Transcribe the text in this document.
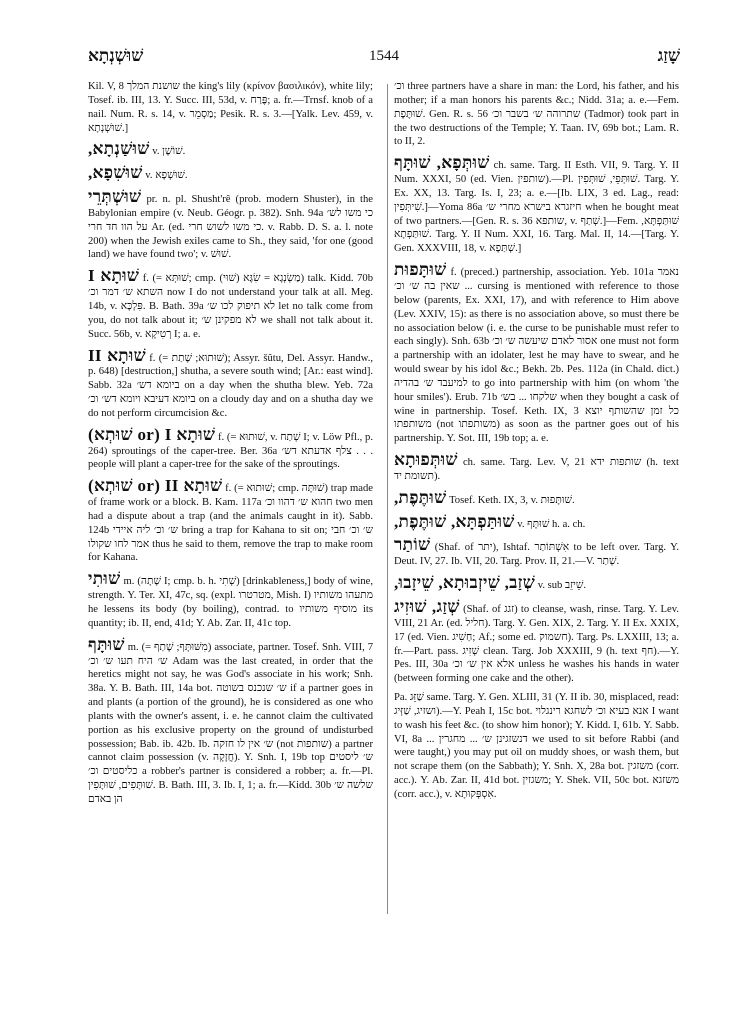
שׁוּשְׁנְתָא	1544	שָׁזַג

Kil. V, 8 שושנת המלך the king's lily (κρίνον βασιλικόν), white lily; Tosef. ib. III, 13. Y. Succ. III, 53d, v. פֶּרַח; a. fr.—Trnsf. knob of a nail. Num. R. s. 14, v. מַסְמֵר; Pesik. R. s. 3.—[Yalk. Lev. 459, v. שׁוּשְׁנְתָא.]

שׁוּשַׁנְתָא, v. שׁוֹשָׁן.

שׁוּשִׁפָא, v. שׁוּשְׁפָא.

שׁוּשְׁתְּרֵי pr. n. pl. Shusht'rê (prob. modern Shuster), in the Babylonian empire (v. Neub. Géogr. p. 382). Snh. 94a כי משו לש׳ על הוו חד חרי Ar. (ed. כי משו לשוש חרי. v. Rabb. D. S. a. l. note 200) when the Jewish exiles came to Sh., they said, 'for one (good land) we have found two'; v. שׁוּשׁ.

שׁוּתָא I f. (= שׁוּתְּא; cmp. מַשְׂנְגָא = שִׂגָּא (שׁוּי)) talk. Kidd. 70b השתא ש׳ דמר וכ׳ now I do not understand your talk at all. Meg. 14b, v. פִּלְכָּא. B. Bath. 39a לא תיפוק לכו ש׳ let no talk come from you, do not talk about it; לא מפקינן ש׳ we shall not talk about it. Succ. 56b, v. רְטִיקָא I; a. e.

שׁוּתָא II f. (= שׁוּתוּא; שָׁתַת); Assyr. šûtu, Del. Assyr. Handw., p. 648) [destruction,] shutha, a severe south wind; [Ar.: east wind]. Sabb. 32a ביומא דש׳ on a day when the shutha blew. Yeb. 72a ביומא דעיבא ויומא דש׳ וכ׳ on a cloudy day and on a shutha day we do not perform circumcision &c.

שׁוּתָא I (or שׁוּתְא) f. (= שׁוּתוּא, v. שְׁתַח I; v. Löw Pfl., p. 264) sproutings of the caper-tree. Ber. 36a צלף אדעתא דש׳ . . . people will plant a caper-tree for the sake of the sproutings.

שׁוּתָא II (or שׁוּתְא) f. (= שׁוּתוּא; cmp. שׁוּתָּה) trap made of frame work or a block. B. Kam. 117a חהוא ש׳ דהוו וכ׳ two men had a dispute about a trap (and the animals caught in it). Sabb. 124b ש׳ וכ׳ ליה איידי bring a trap for Kahana to sit on; ש׳ וכ׳ חבי אמר לחו שקולו thus he said to them, remove the trap to make room for Kahana.

שׁוּתִי m. (שָׁתָה I; cmp. b. h. שְׁתִי) [drinkableness,] body of wine, strength. Y. Ter. XI, 47c, sq. (expl. מטרטרו, Mish. I) מתעהו משותיו he lessens its body (by boiling), contrad. to מוסיף משותיו its quantity; ib. II, end, 41d; Y. Ab. Zar. II, 41c top.

שׁוּתָּף m. (= מִשּׁוּתָּף; שָׁתַף) associate, partner. Tosef. Snh. VIII, 7 ש׳ היח תעו ש׳ וכ׳ Adam was the last created, in order that the heretics might not say, he was God's associate in his work; Snh. 38a. Y. B. Bath. III, 14a bot. ש׳ שנכנס בשוטה if a partner goes in and plants (a portion of the ground), he is considered as one who plants with the owner's assent, i. e. he cannot claim the cultivated portion as his exclusive property on the ground of undisturbed possession; Bab. ib. 42b. Ib. ש׳ אין לו חזקה (not שותפות) a partner cannot claim possession (v. חֲזָקָה). Y. Snh. I, 19b top ש׳ ליסטים כליסטים וכ׳ a robber's partner is considered a robber; a. fr.—Pl. שׁוּתָּפִים, שׁוּתָּפִין. B. Bath. III, 3. Ib. I, 1; a. fr.—Kidd. 30b שלשה ש׳ הן באדם

וכ׳ three partners have a share in man: the Lord, his father, and his mother; if a man honors his parents &c.; Nidd. 31a; a. e.—Fem. שׁוּתֶּפֶת. Gen. R. s. 56 שתרוהה ש׳ בשבר וכ׳ (Tadmor) took part in the two destructions of the Temple; Y. Taan. IV, 69b bot.; Lam. R. to II, 2.

שׁוּתְּפָא, שׁוּתָּף ch. same. Targ. II Esth. VII, 9. Targ. Y. II Num. XXXI, 50 (ed. Vien. שותפין).—Pl. שׁוּתְּפֵי, שׁוּתְּפִין. Targ. Y. Ex. XX, 13. Targ. Is. I, 23; a. e.—[Ib. LIX, 3 ed. Lag., read: שִׁיתְּפִין.]—Yoma 86a חיזגרא בישרא מחרי ש׳ when he bought meat of two partners.—[Gen. R. s. 36 שותפא, v. שְׁתַף.]—Fem. שׁוּתַּפְתָּא, שׁוּתַּפְתָא. Targ. Y. II Num. XXI, 16. Targ. Mal. II, 14.—[Targ. Y. Gen. XXXVIII, 18, v. שְׁתַּפָא.]

שׁוּתָּפוּת f. (preced.) partnership, association. Yeb. 101a נאמר ... שאין בה ש׳ וכ׳ cursing is mentioned with reference to those below (parents, Ex. XXI, 17), and with reference to Him above (Lev. XXIV, 15): as there is no association above, so must there be no association below (i. e. the curse to be punishable must refer to each singly). Snh. 63b אסור לאדם שיעשה ש׳ וכ׳ one must not form a partnership with an idolater, lest he may have to swear, and he would swear by his idol &c.; Bekh. 2b. Pes. 112a (in Chald. dict.) למיעבד ש׳ בהדיה to go into partnership with him (on whom 'the hour smiles'). Erub. 71b שלקחו ... בש׳ when they bought a cask of wine in partnership. Tosef. Keth. IX, 3 כל זמן שהשותף יוצא משותפתו (not משותפתו) as soon as the partner goes out of his partnership. Y. Sot. III, 19b top; a. e.

שׁוּתְּפוּתָא ch. same. Targ. Lev. V, 21 שותפות ידא (h. text תשומת יד).

שׁוּתֶּפֶת, Tosef. Keth. IX, 3, v. שׁוּתָּפוּת.

שׁוּתַּפְתָּא, שׁוּתֶּפֶת, v. שׁוּתָּף h. a. ch.

שׁוֹתַר (Shaf. of יתר), Ishtaf. אִשְׁתּוֹתַר to be left over. Targ. Y. Deut. IV, 27. Ib. VII, 20. Targ. Prov. II, 21.—V. שְׁתַר.

שְׁזַב, שֵׁיזְבוּתָא, שֵׁיזָבוּ, v. sub שֵׁיזֵב.

שְׁזַג, שׁוּזִיג (Shaf. of זגג) to cleanse, wash, rinse. Targ. Y. Lev. VIII, 21 Ar. (ed. חליל). Targ. Y. Gen. XIX, 2. Targ. Y. II Ex. XXIX, 17 (ed. Vien. חַשִׁיג; Af.; some ed. חשמוק). Targ. Ps. LXXIII, 13; a. fr.—Part. pass. שְׁזִיג clean. Targ. Job XXXIII, 9 (h. text חף).—Y. Pes. III, 30a אלא אין ש׳ וכ׳ unless he washes his hands in water (between forming one cake and the other).

Pa. שַׁזֵּג same. Targ. Y. Gen. XLIII, 31 (Y. II ib. 30, misplaced, read: ושזיג, שַׁזְּיג).—Y. Peah I, 15c bot. אנא בעיא וכ׳ לשחגא רינגלוי I want to wash his feet &c. (to show him honor); Y. Kidd. I, 61b. Y. Sabb. VI, 8a ... דנשזגינן ש׳ ... מחגרין we used to sit before Rabbi (and were taught,) you may put oil on muddy shoes, or wash them, but not scrape them (on the Sabbath); Y. Snh. X, 28a bot. משזגין (corr. acc.). Y. Ab. Zar. II, 41d bot. משגזין; Y. Shek. VII, 50c bot. משזגא (corr. acc.), v. אִסְפְּקוּתָא.
